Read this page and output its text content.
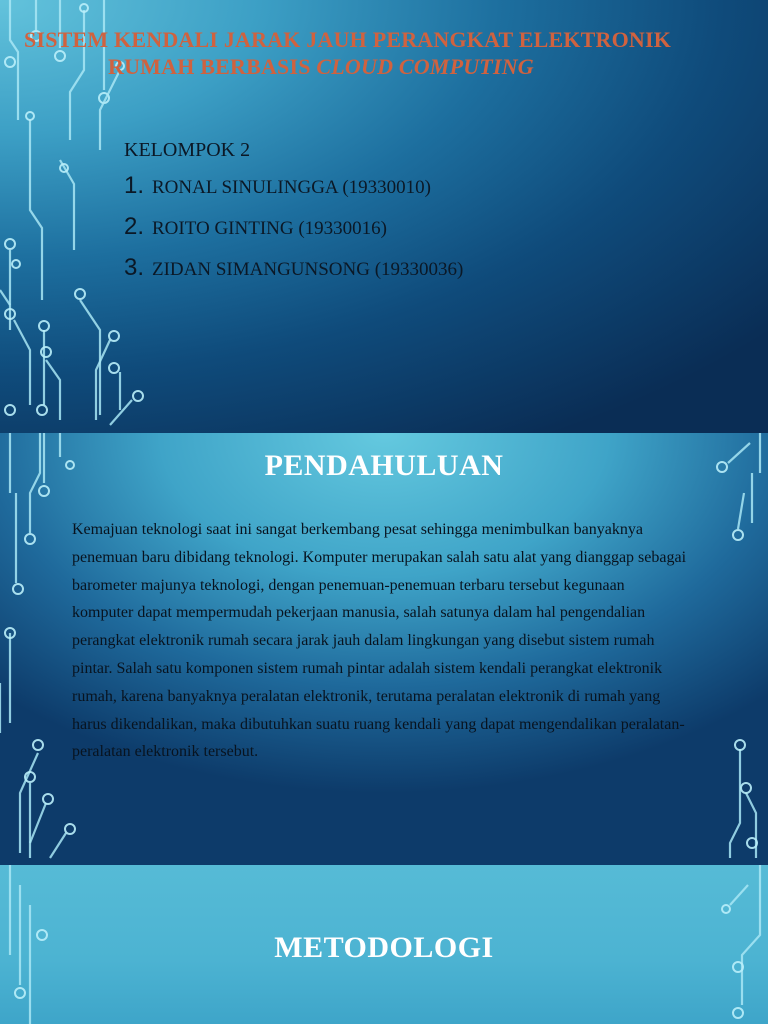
SISTEM KENDALI JARAK JAUH PERANGKAT ELEKTRONIK
RUMAH BERBASIS CLOUD COMPUTING

KELOMPOK 2

1. RONAL SINULINGGA (19330010)
2. ROITO GINTING (19330016)
3. ZIDAN SIMANGUNSONG (19330036)
PENDAHULUAN

Kemajuan teknologi saat ini sangat berkembang pesat sehingga menimbulkan banyaknya penemuan baru dibidang teknologi. Komputer merupakan salah satu alat yang dianggap sebagai barometer majunya teknologi, dengan penemuan-penemuan terbaru tersebut kegunaan komputer dapat mempermudah pekerjaan manusia, salah satunya dalam hal pengendalian perangkat elektronik rumah secara jarak jauh dalam lingkungan yang disebut sistem rumah pintar. Salah satu komponen sistem rumah pintar adalah sistem kendali perangkat elektronik rumah, karena banyaknya peralatan elektronik, terutama peralatan elektronik di rumah yang harus dikendalikan, maka dibutuhkan suatu ruang kendali yang dapat mengendalikan peralatan-peralatan elektronik tersebut.

METODOLOGI
